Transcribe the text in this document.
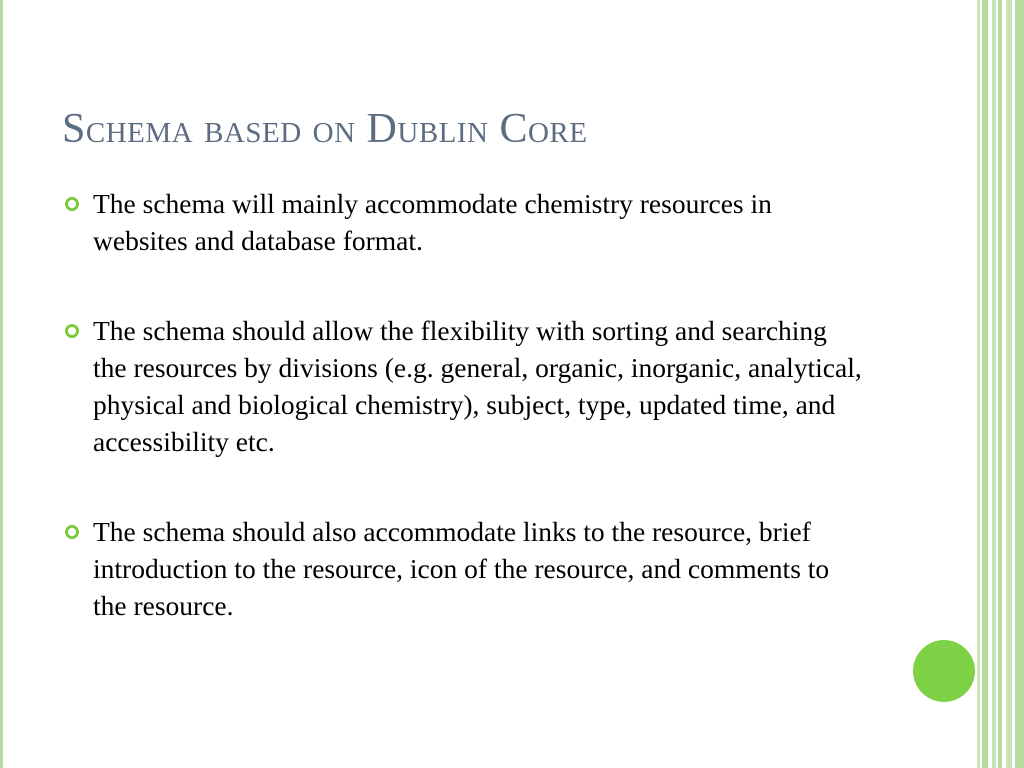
Schema based on Dublin Core
The schema will mainly accommodate chemistry resources in websites and database format.
The schema should allow the flexibility with sorting and searching the resources by divisions (e.g. general, organic, inorganic, analytical, physical and biological chemistry), subject, type, updated time, and accessibility etc.
The schema should also accommodate links to the resource, brief introduction to the resource, icon of the resource, and comments to the resource.
